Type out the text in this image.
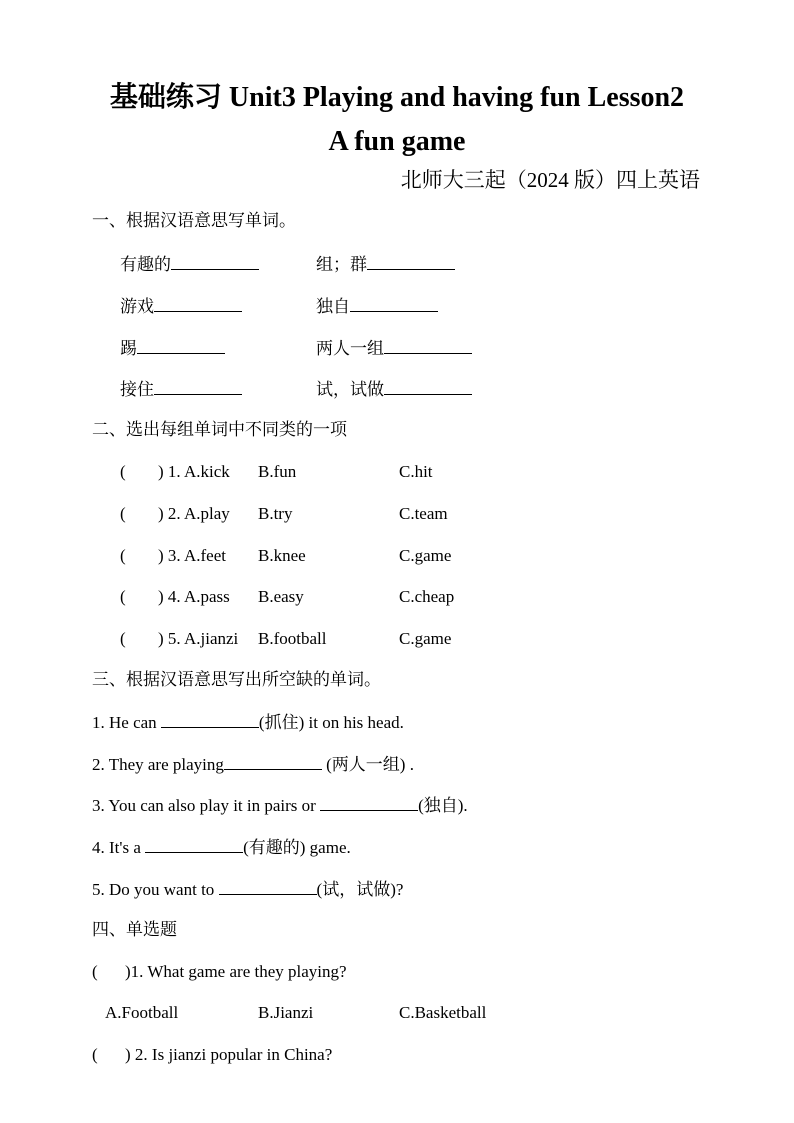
基础练习 Unit3 Playing and having fun Lesson2
A fun game
北师大三起（2024 版）四上英语
一、根据汉语意思写单词。
有趣的	组；群
游戏	独自
踢	两人一组
接住	试，试做
二、选出每组单词中不同类的一项
( ) 1. A.kick B.fun	C.hit
( ) 2. A.play B.try	C.team
( ) 3. A.feet B.knee	C.game
( ) 4. A.pass B.easy	C.cheap
( ) 5. A.jianzi B.football	C.game
三、根据汉语意思写出所空缺的单词。
1. He can	(抓住) it on his head.
2. They are playing	(两人一组) .
3. You can also play it in pairs or	(独自).
4. It's a	(有趣的) game.
5. Do you want to	(试，试做)?
四、单选题
( )1. What game are they playing?
A.Football	B.Jianzi	C.Basketball
( ) 2. Is jianzi popular in China?
